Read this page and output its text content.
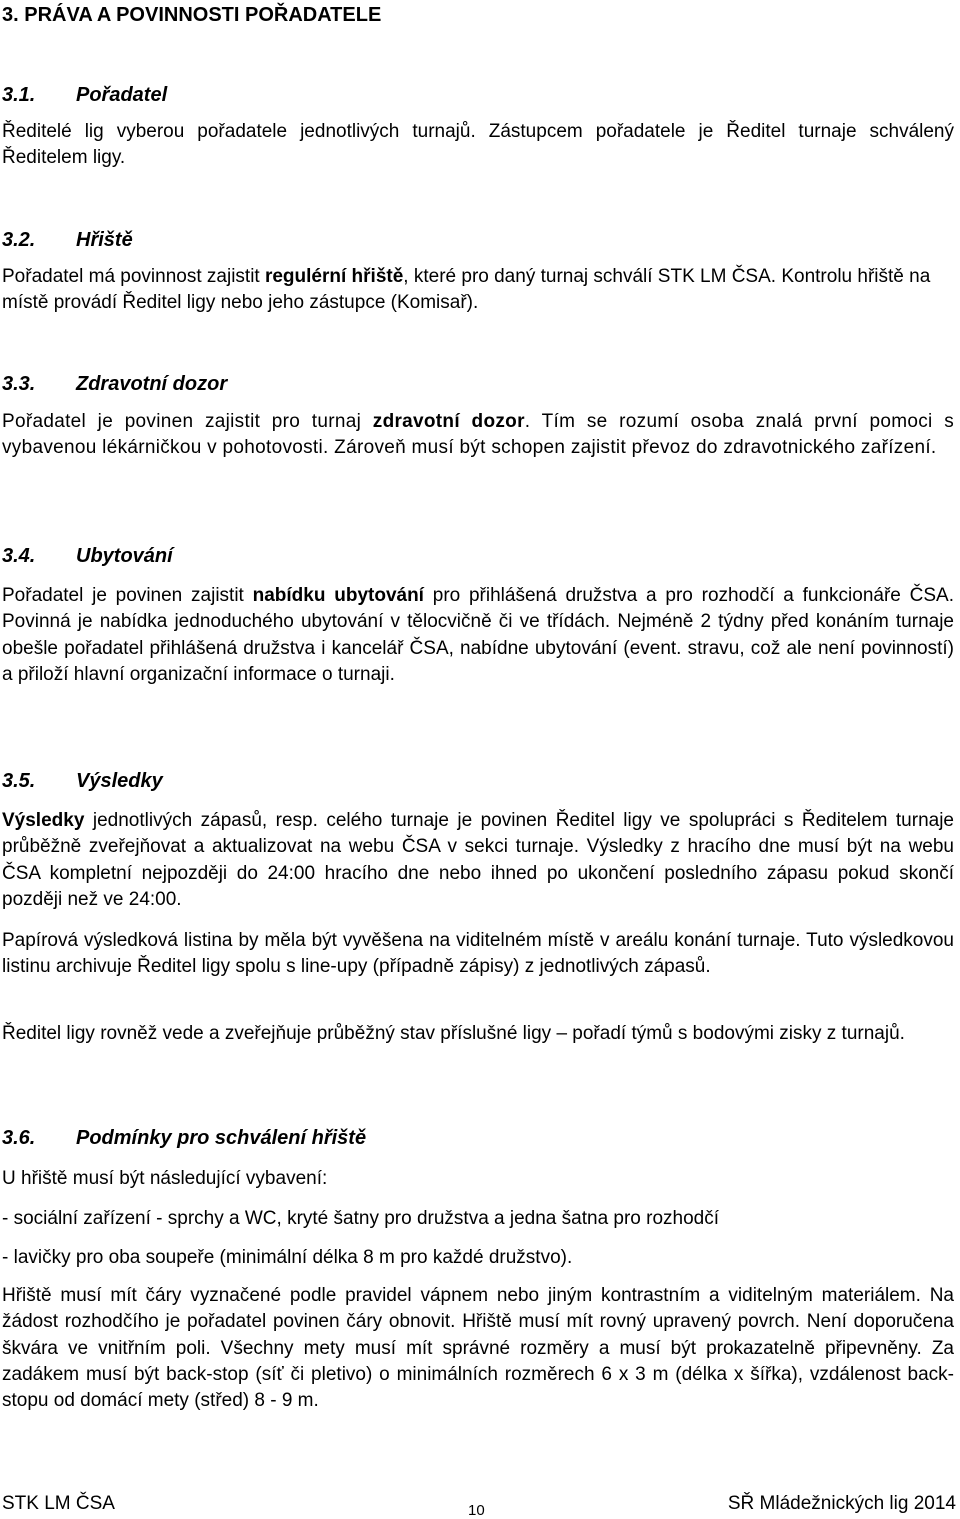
3. PRÁVA A POVINNOSTI POŘADATELE
3.1. Pořadatel

Ředitelé lig vyberou pořadatele jednotlivých turnajů. Zástupcem pořadatele je Ředitel turnaje schválený Ředitelem ligy.

3.2. Hřiště

Pořadatel má povinnost zajistit regulérní hřiště, které pro daný turnaj schválí STK LM ČSA. Kontrolu hřiště na místě provádí Ředitel ligy nebo jeho zástupce (Komisař).

3.3. Zdravotní dozor

Pořadatel je povinen zajistit pro turnaj zdravotní dozor. Tím se rozumí osoba znalá první pomoci s vybavenou lékárničkou v pohotovosti. Zároveň musí být schopen zajistit převoz do zdravotnického zařízení.

3.4. Ubytování

Pořadatel je povinen zajistit nabídku ubytování pro přihlášená družstva a pro rozhodčí a funkcionáře ČSA. Povinná je nabídka jednoduchého ubytování v tělocvičně či ve třídách. Nejméně 2 týdny před konáním turnaje obešle pořadatel přihlášená družstva i kancelář ČSA, nabídne ubytování (event. stravu, což ale není povinností) a přiloží hlavní organizační informace o turnaji.

3.5. Výsledky

Výsledky jednotlivých zápasů, resp. celého turnaje je povinen Ředitel ligy ve spolupráci s Ředitelem turnaje průběžně zveřejňovat a aktualizovat na webu ČSA v sekci turnaje. Výsledky z hracího dne musí být na webu ČSA kompletní nejpozději do 24:00 hracího dne nebo ihned po ukončení posledního zápasu pokud skončí později než ve 24:00.

Papírová výsledková listina by měla být vyvěšena na viditelném místě v areálu konání turnaje. Tuto výsledkovou listinu archivuje Ředitel ligy spolu s line-upy (případně zápisy) z jednotlivých zápasů.

Ředitel ligy rovněž vede a zveřejňuje průběžný stav příslušné ligy – pořadí týmů s bodovými zisky z turnajů.

3.6. Podmínky pro schválení hřiště

U hřiště musí být následující vybavení:

- sociální zařízení - sprchy a WC, kryté šatny pro družstva a jedna šatna pro rozhodčí

- lavičky pro oba soupeře (minimální délka 8 m pro každé družstvo).

Hřiště musí mít čáry vyznačené podle pravidel vápnem nebo jiným kontrastním a viditelným materiálem. Na žádost rozhodčího je pořadatel povinen čáry obnovit. Hřiště musí mít rovný upravený povrch. Není doporučena škvára ve vnitřním poli. Všechny mety musí mít správné rozměry a musí být prokazatelně připevněny. Za zadákem musí být back-stop (síť či pletivo) o minimálních rozměrech 6 x 3 m (délka x šířka), vzdálenost back-stopu od domácí mety (střed) 8 - 9 m.

STK LM ČSA	10	SŘ Mládežnických lig 2014
